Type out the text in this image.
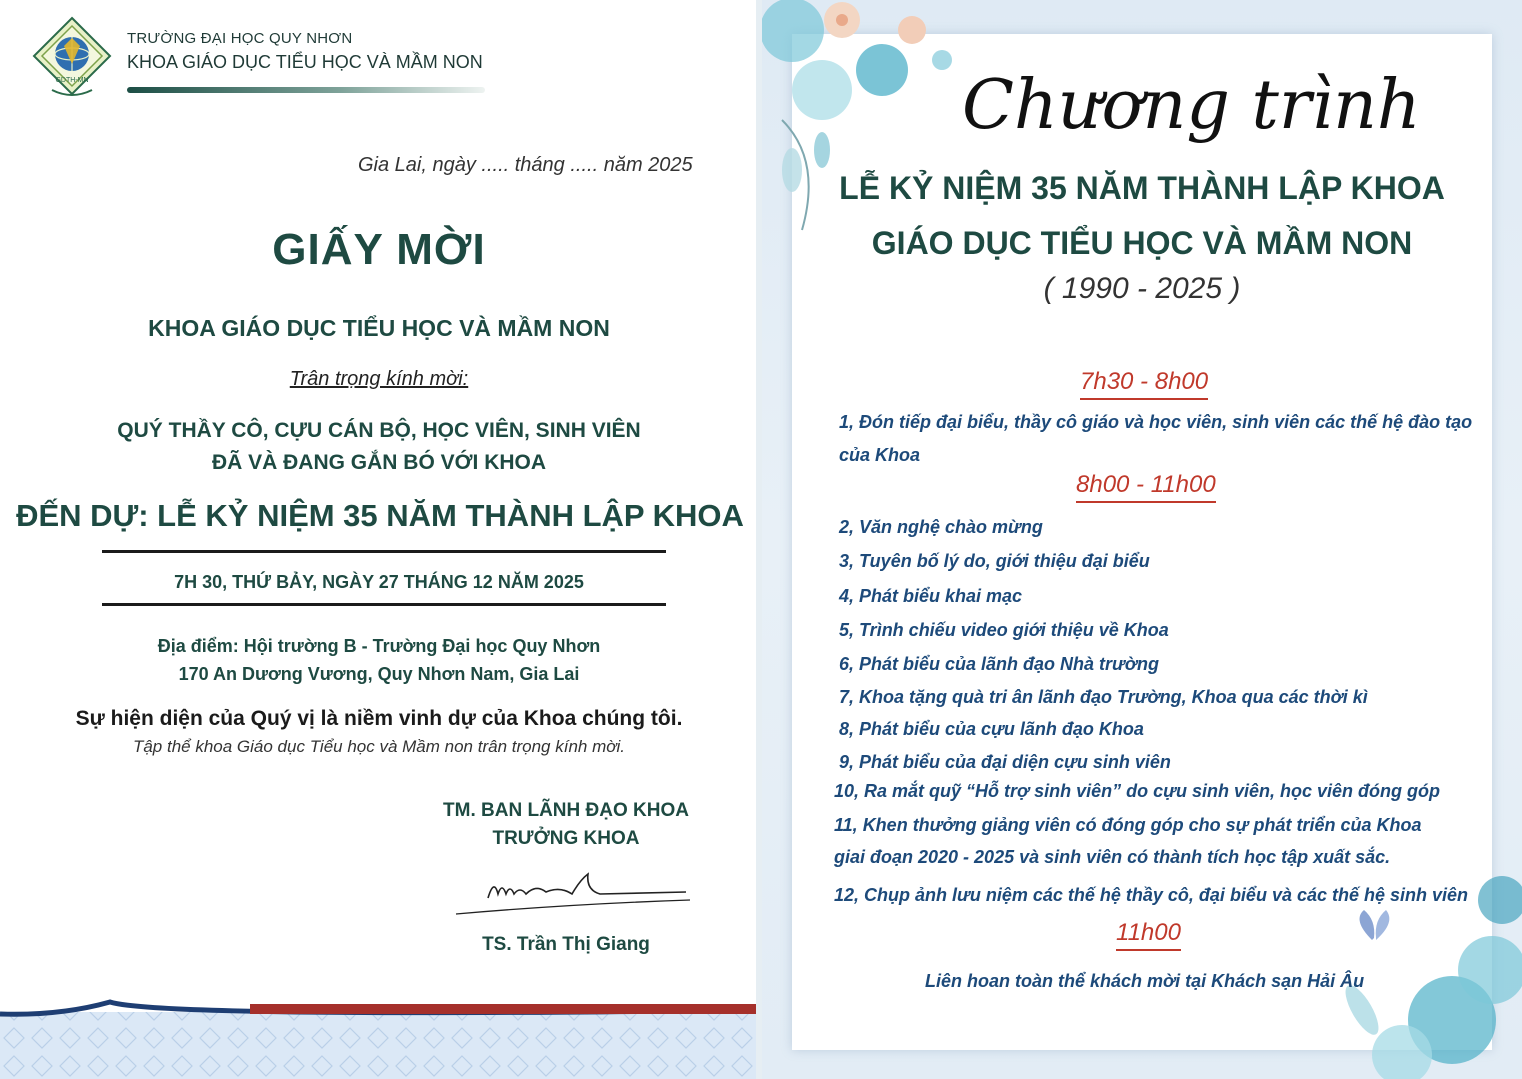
GDTH-MN
TRƯỜNG ĐẠI HỌC QUY NHƠN
KHOA GIÁO DỤC TIỂU HỌC VÀ MẦM NON
Gia Lai, ngày ..... tháng ..... năm 2025
GIẤY MỜI
KHOA GIÁO DỤC TIỂU HỌC VÀ MẦM NON
Trân trọng kính mời:
QUÝ THẦY CÔ, CỰU CÁN BỘ, HỌC VIÊN, SINH VIÊN
ĐÃ VÀ ĐANG GẮN BÓ VỚI KHOA
ĐẾN DỰ: LỄ KỶ NIỆM 35 NĂM THÀNH LẬP KHOA
7H 30, THỨ BẢY, NGÀY 27 THÁNG 12 NĂM 2025
Địa điểm: Hội trường B - Trường Đại học Quy Nhơn
170 An Dương Vương, Quy Nhơn Nam, Gia Lai
Sự hiện diện của Quý vị là niềm vinh dự của Khoa chúng tôi.
Tập thể khoa Giáo dục Tiểu học và Mầm non trân trọng kính mời.
TM. BAN LÃNH ĐẠO KHOA
TRƯỞNG KHOA
TS. Trần Thị Giang
Chương trình
LỄ KỶ NIỆM 35 NĂM THÀNH LẬP KHOA
GIÁO DỤC TIỂU HỌC VÀ MẦM NON
( 1990 - 2025 )
7h30 - 8h00
1, Đón tiếp đại biểu, thầy cô giáo và học viên, sinh viên các thế hệ đào tạo
của Khoa
8h00 - 11h00
2, Văn nghệ chào mừng
3, Tuyên bố lý do, giới thiệu đại biểu
4, Phát biểu khai mạc
5, Trình chiếu video giới thiệu về Khoa
6, Phát biểu của lãnh đạo Nhà trường
7, Khoa tặng quà tri ân lãnh đạo Trường, Khoa qua các thời kì
8, Phát biểu của cựu lãnh đạo Khoa
9, Phát biểu của đại diện cựu sinh viên
10, Ra mắt quỹ “Hỗ trợ sinh viên” do cựu sinh viên, học viên đóng góp
11, Khen thưởng giảng viên có đóng góp cho sự phát triển của Khoa
giai đoạn 2020 - 2025 và sinh viên có thành tích học tập xuất sắc.
12, Chụp ảnh lưu niệm các thế hệ thầy cô, đại biểu và các thế hệ sinh viên
11h00
Liên hoan toàn thể khách mời tại Khách sạn Hải Âu
